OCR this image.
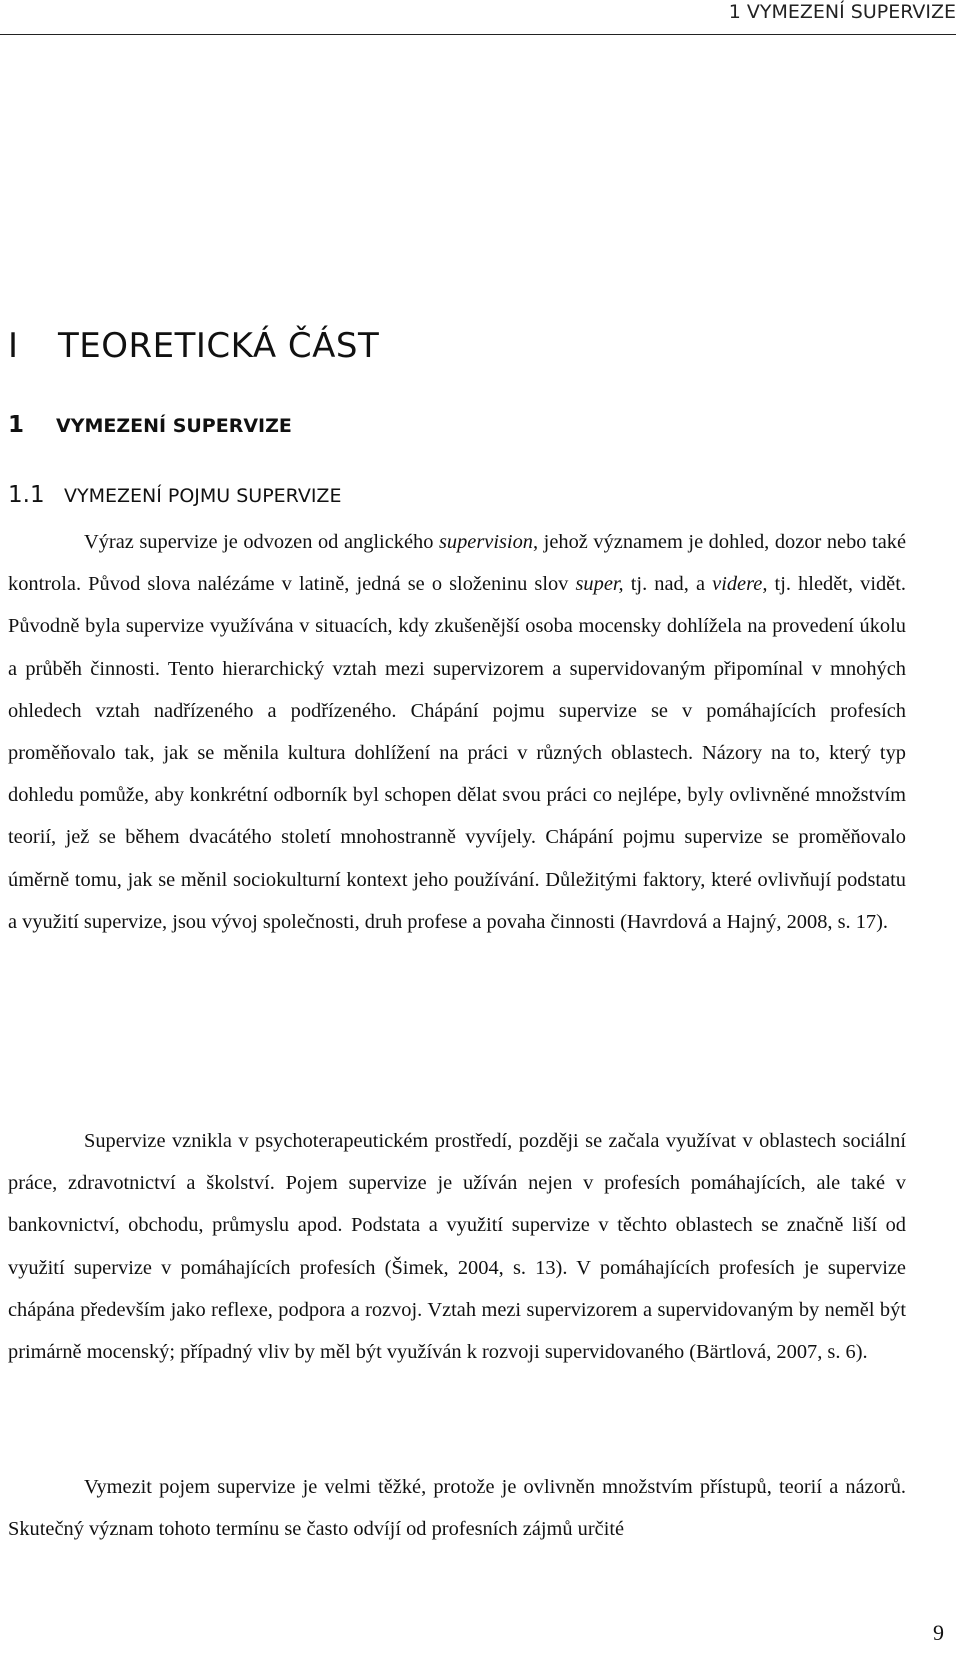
1 VYMEZENÍ SUPERVIZE
I TEORETICKÁ ČÁST
1 VYMEZENÍ SUPERVIZE
1.1 VYMEZENÍ POJMU SUPERVIZE

Výraz supervize je odvozen od anglického supervision, jehož významem je dohled, dozor nebo také kontrola. Původ slova nalézáme v latině, jedná se o složeninu slov super, tj. nad, a videre, tj. hledět, vidět. Původně byla supervize využívána v situacích, kdy zkušenější osoba mocensky dohlížela na provedení úkolu a průběh činnosti. Tento hierarchický vztah mezi supervizorem a supervidovaným připomínal v mnohých ohledech vztah nadřízeného a podřízeného. Chápání pojmu supervize se v pomáhajících profesích proměňovalo tak, jak se měnila kultura dohlížení na práci v různých oblastech. Názory na to, který typ dohledu pomůže, aby konkrétní odborník byl schopen dělat svou práci co nejlépe, byly ovlivněné množstvím teorií, jež se během dvacátého století mnohostranně vyvíjely. Chápání pojmu supervize se proměňovalo úměrně tomu, jak se měnil sociokulturní kontext jeho používání. Důležitými faktory, které ovlivňují podstatu a využití supervize, jsou vývoj společnosti, druh profese a povaha činnosti (Havrdová a Hajný, 2008, s. 17).

Supervize vznikla v psychoterapeutickém prostředí, později se začala využívat v oblastech sociální práce, zdravotnictví a školství. Pojem supervize je užíván nejen v profesích pomáhajících, ale také v bankovnictví, obchodu, průmyslu apod. Podstata a využití supervize v těchto oblastech se značně liší od využití supervize v pomáhajících profesích (Šimek, 2004, s. 13). V pomáhajících profesích je supervize chápána především jako reflexe, podpora a rozvoj. Vztah mezi supervizorem a supervidovaným by neměl být primárně mocenský; případný vliv by měl být využíván k rozvoji supervidovaného (Bärtlová, 2007, s. 6).

Vymezit pojem supervize je velmi těžké, protože je ovlivněn množstvím přístupů, teorií a názorů. Skutečný význam tohoto termínu se často odvíjí od profesních zájmů určité

9
